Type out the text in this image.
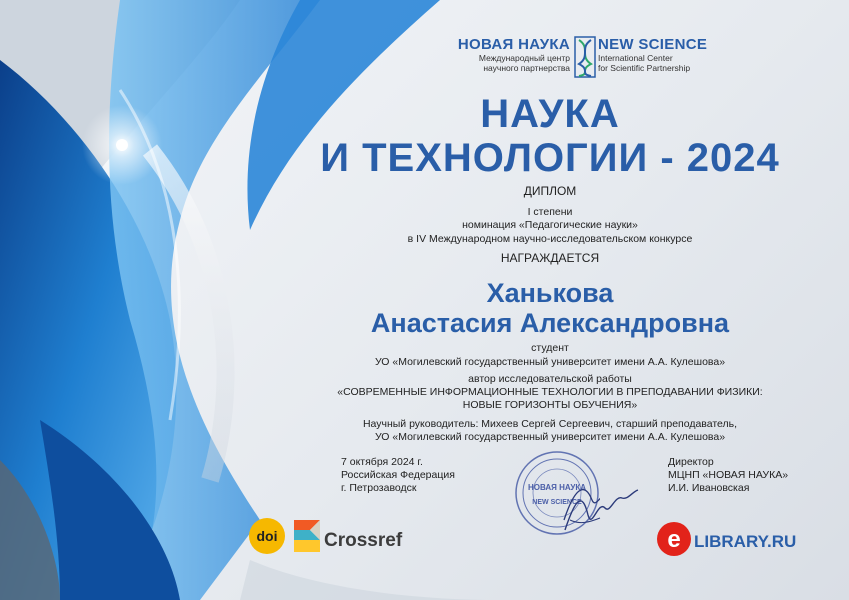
НОВАЯ НАУКА
Международный центр
научного партнерства
NEW SCIENCE
International Center
for Scientific Partnership
НАУКА
И ТЕХНОЛОГИИ - 2024
ДИПЛОМ
I степени
номинация «Педагогические науки»
в IV Международном научно-исследовательском конкурсе
НАГРАЖДАЕТСЯ
Ханькова
Анастасия Александровна
студент
УО «Могилевский государственный университет имени А.А. Кулешова»
автор исследовательской работы
«СОВРЕМЕННЫЕ ИНФОРМАЦИОННЫЕ ТЕХНОЛОГИИ В ПРЕПОДАВАНИИ ФИЗИКИ:
НОВЫЕ ГОРИЗОНТЫ ОБУЧЕНИЯ»
Научный руководитель: Михеев Сергей Сергеевич, старший преподаватель,
УО «Могилевский государственный университет имени А.А. Кулешова»
7 октября 2024 г.
Российская Федерация
г. Петрозаводск	НОВАЯ НАУКА
NEW SCIENCE
Директор
МЦНП «НОВАЯ НАУКА»
И.И. Ивановская
doi Crossref	e LIBRARY.RU
